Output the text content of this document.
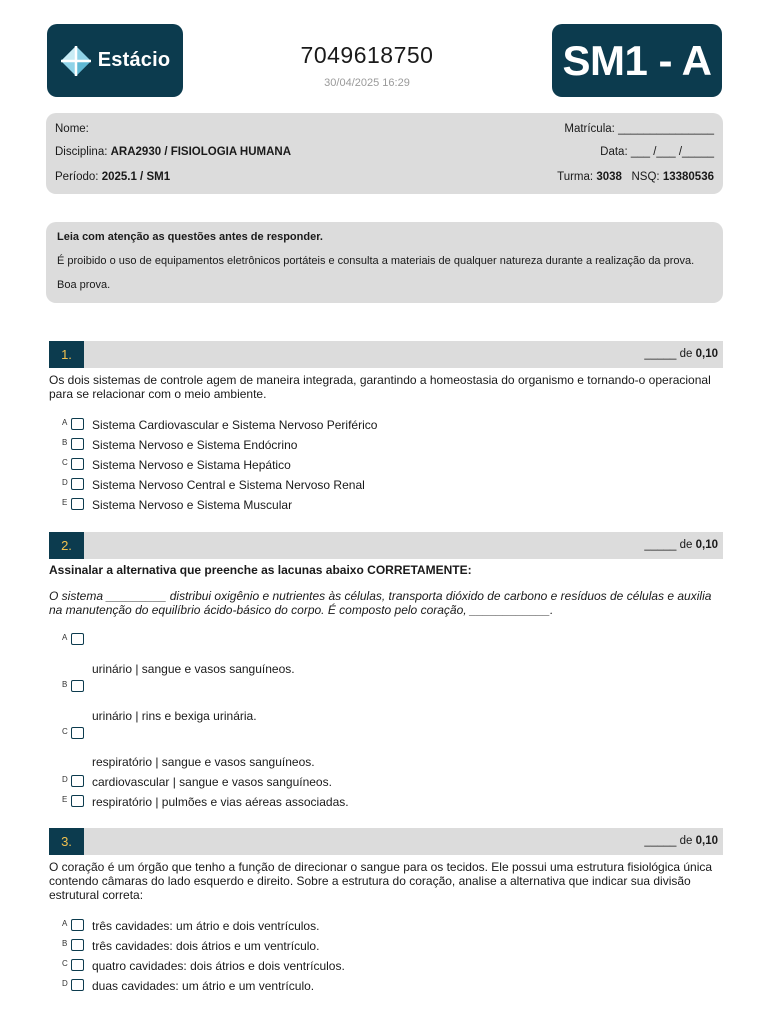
Estácio	7049618750
30/04/2025 16:29	SM1 - A
Nome:	Matrícula: _______________
Disciplina: ARA2930 / FISIOLOGIA HUMANA	Data: ___ /___ /_____
Período: 2025.1 / SM1	Turma: 3038 NSQ: 13380536

Leia com atenção as questões antes de responder.

É proibido o uso de equipamentos eletrônicos portáteis e consulta a materiais de qualquer natureza durante a realização da prova.

Boa prova.

1.	_____ de 0,10
Os dois sistemas de controle agem de maneira integrada, garantindo a homeostasia do organismo e tornando-o operacional para se relacionar com o meio ambiente.
A Sistema Cardiovascular e Sistema Nervoso Periférico
B Sistema Nervoso e Sistema Endócrino
C Sistema Nervoso e Sistama Hepático
D Sistema Nervoso Central e Sistema Nervoso Renal
E Sistema Nervoso e Sistema Muscular
2.	_____ de 0,10
Assinalar a alternativa que preenche as lacunas abaixo CORRETAMENTE:
O sistema _________ distribui oxigênio e nutrientes às células, transporta dióxido de carbono e resíduos de células e auxilia na manutenção do equilíbrio ácido-básico do corpo. É composto pelo coração, ____________.
A
urinário | sangue e vasos sanguíneos.
B
urinário | rins e bexiga urinária.
C
respiratório | sangue e vasos sanguíneos.
D cardiovascular | sangue e vasos sanguíneos.
E respiratório | pulmões e vias aéreas associadas.
3.	_____ de 0,10
O coração é um órgão que tenho a função de direcionar o sangue para os tecidos. Ele possui uma estrutura fisiológica única contendo câmaras do lado esquerdo e direito. Sobre a estrutura do coração, analise a alternativa que indicar sua divisão estrutural correta:
A três cavidades: um átrio e dois ventrículos.
B três cavidades: dois átrios e um ventrículo.
C quatro cavidades: dois átrios e dois ventrículos.
D duas cavidades: um átrio e um ventrículo.
